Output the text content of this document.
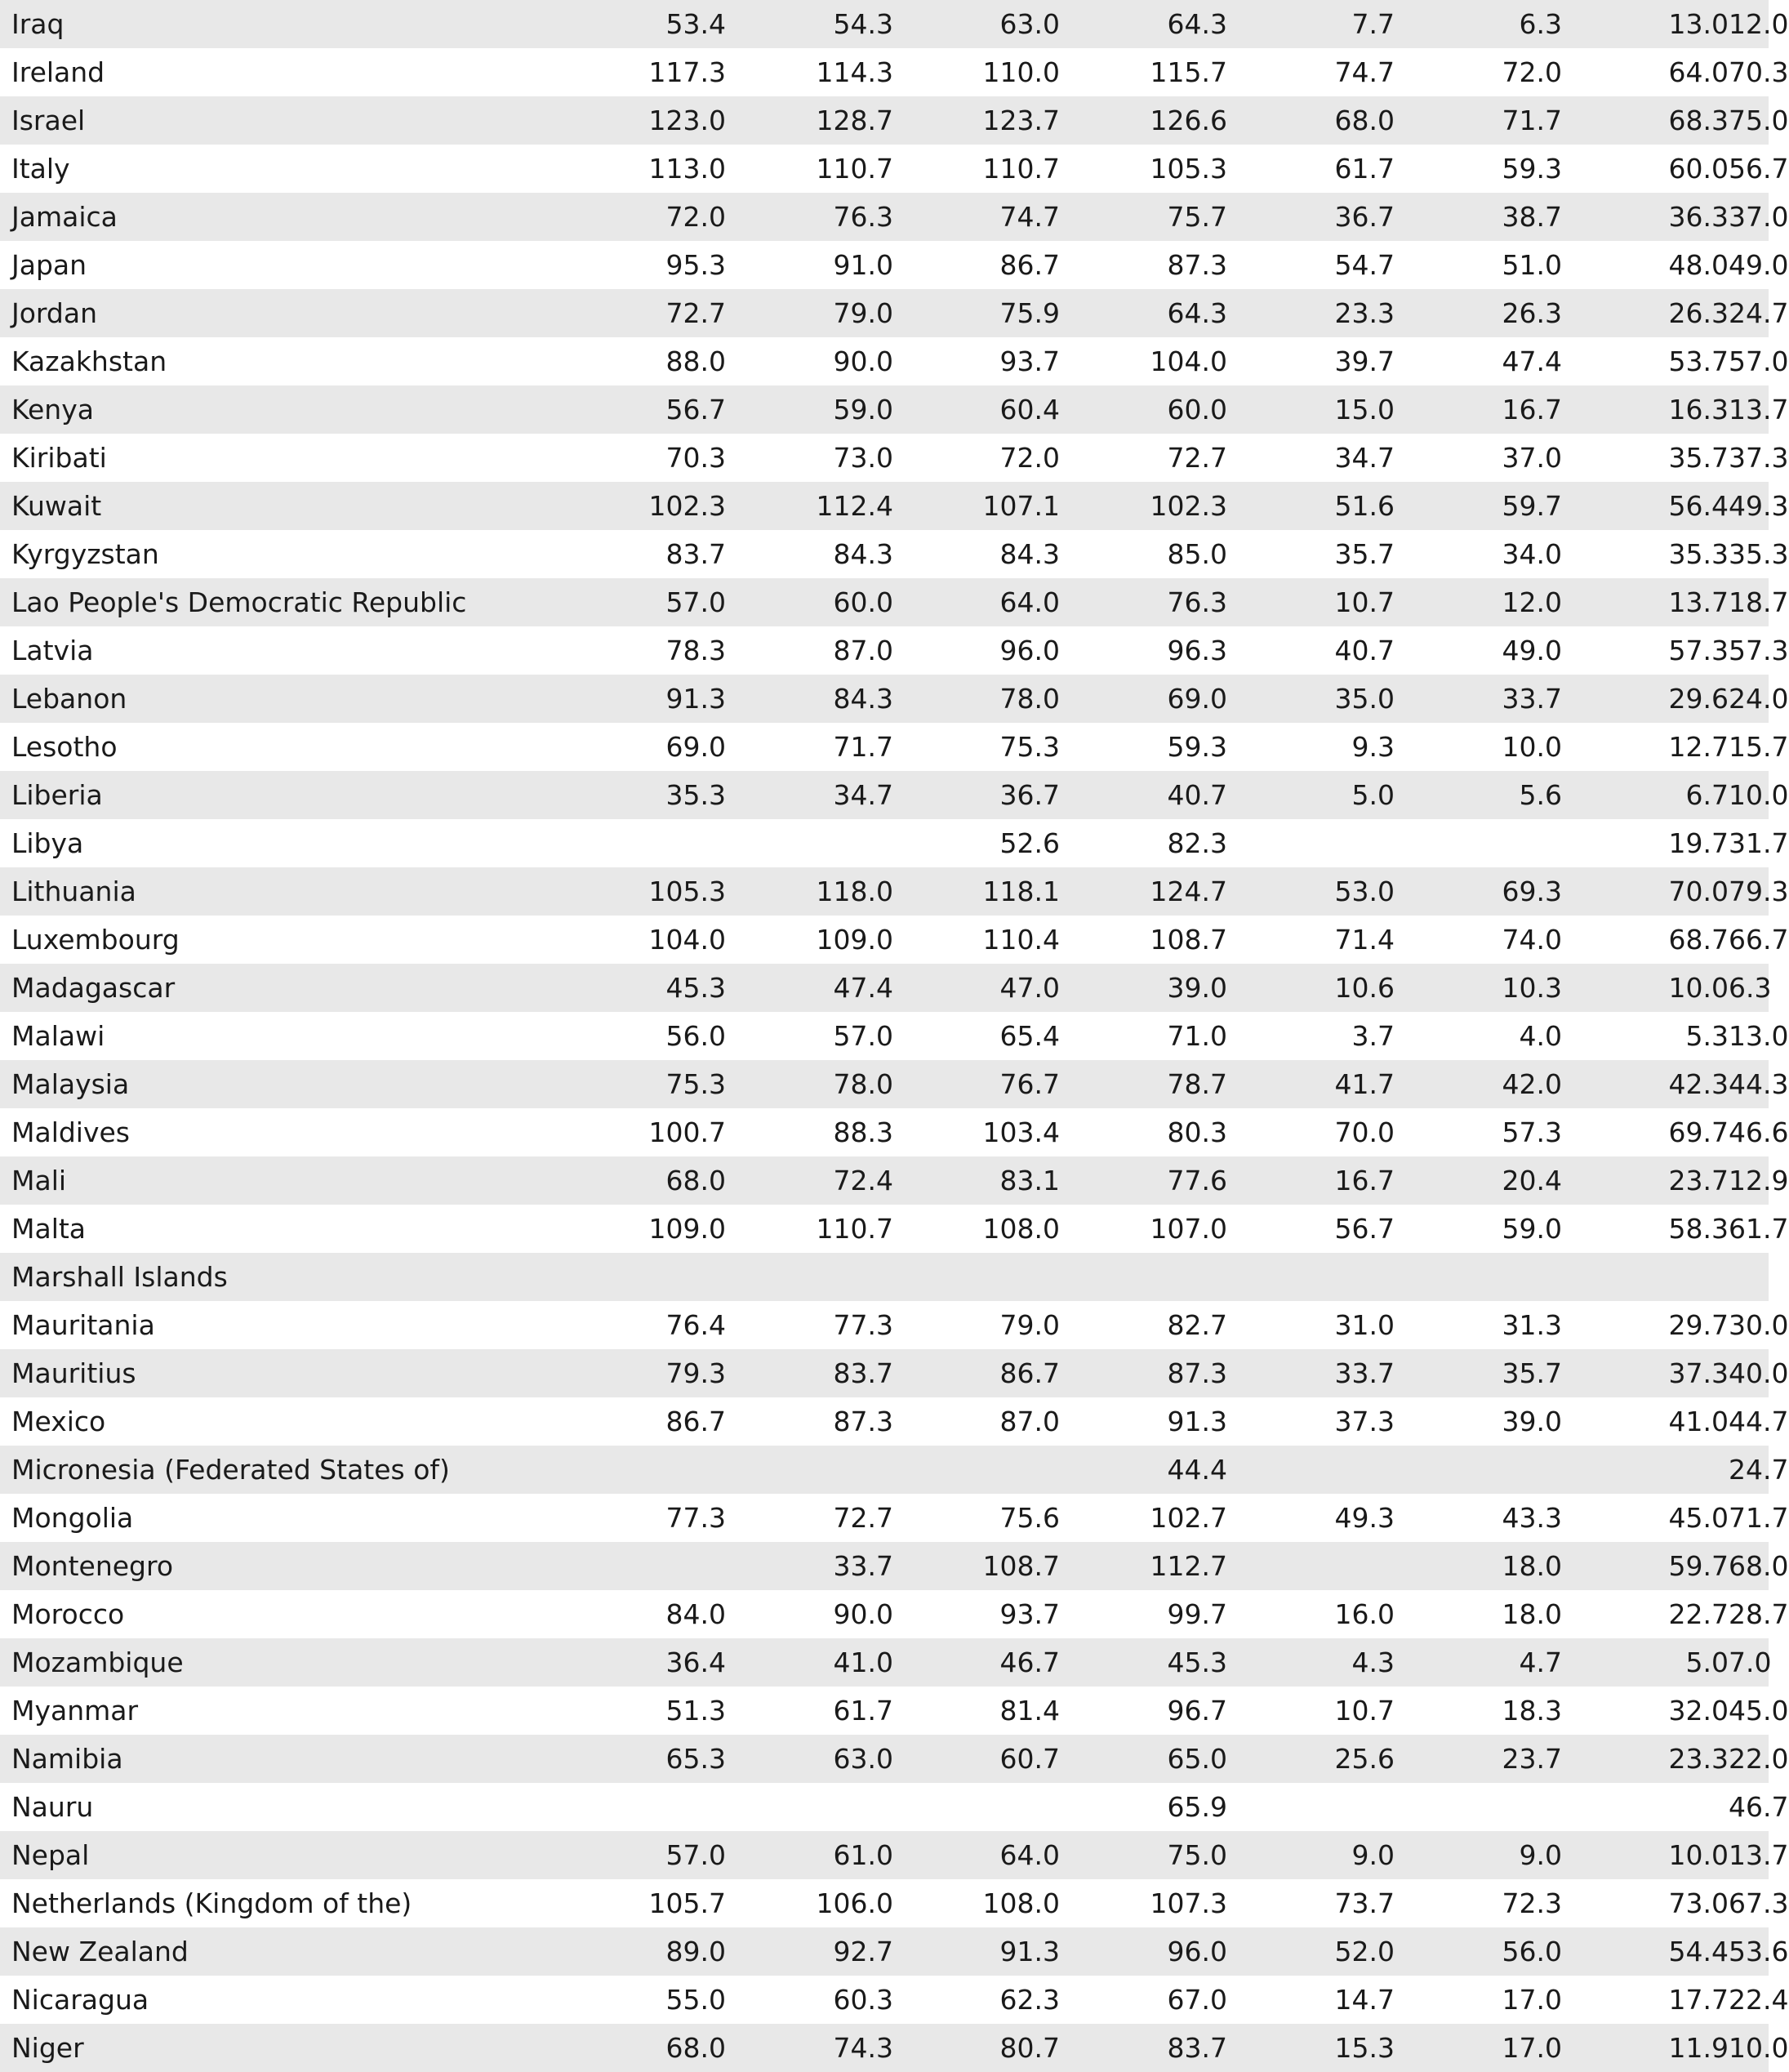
Iraq	53.4	54.3	63.0	64.3	7.7	6.3	13.0	12.0	
Ireland	117.3	114.3	110.0	115.7	74.7	72.0	64.0	70.3	
Israel	123.0	128.7	123.7	126.6	68.0	71.7	68.3	75.0	
Italy	113.0	110.7	110.7	105.3	61.7	59.3	60.0	56.7	
Jamaica	72.0	76.3	74.7	75.7	36.7	38.7	36.3	37.0	
Japan	95.3	91.0	86.7	87.3	54.7	51.0	48.0	49.0	
Jordan	72.7	79.0	75.9	64.3	23.3	26.3	26.3	24.7	
Kazakhstan	88.0	90.0	93.7	104.0	39.7	47.4	53.7	57.0	
Kenya	56.7	59.0	60.4	60.0	15.0	16.7	16.3	13.7	
Kiribati	70.3	73.0	72.0	72.7	34.7	37.0	35.7	37.3	
Kuwait	102.3	112.4	107.1	102.3	51.6	59.7	56.4	49.3	
Kyrgyzstan	83.7	84.3	84.3	85.0	35.7	34.0	35.3	35.3	
Lao People's Democratic Republic	57.0	60.0	64.0	76.3	10.7	12.0	13.7	18.7	
Latvia	78.3	87.0	96.0	96.3	40.7	49.0	57.3	57.3	
Lebanon	91.3	84.3	78.0	69.0	35.0	33.7	29.6	24.0	
Lesotho	69.0	71.7	75.3	59.3	9.3	10.0	12.7	15.7	
Liberia	35.3	34.7	36.7	40.7	5.0	5.6	6.7	10.0	
Libya			52.6	82.3			19.7	31.7	
Lithuania	105.3	118.0	118.1	124.7	53.0	69.3	70.0	79.3	
Luxembourg	104.0	109.0	110.4	108.7	71.4	74.0	68.7	66.7	
Madagascar	45.3	47.4	47.0	39.0	10.6	10.3	10.0	6.3	
Malawi	56.0	57.0	65.4	71.0	3.7	4.0	5.3	13.0	
Malaysia	75.3	78.0	76.7	78.7	41.7	42.0	42.3	44.3	
Maldives	100.7	88.3	103.4	80.3	70.0	57.3	69.7	46.6	
Mali	68.0	72.4	83.1	77.6	16.7	20.4	23.7	12.9	
Malta	109.0	110.7	108.0	107.0	56.7	59.0	58.3	61.7	
Marshall Islands									
Mauritania	76.4	77.3	79.0	82.7	31.0	31.3	29.7	30.0	
Mauritius	79.3	83.7	86.7	87.3	33.7	35.7	37.3	40.0	
Mexico	86.7	87.3	87.0	91.3	37.3	39.0	41.0	44.7	
Micronesia (Federated States of)				44.4				24.7	
Mongolia	77.3	72.7	75.6	102.7	49.3	43.3	45.0	71.7	
Montenegro		33.7	108.7	112.7		18.0	59.7	68.0	
Morocco	84.0	90.0	93.7	99.7	16.0	18.0	22.7	28.7	
Mozambique	36.4	41.0	46.7	45.3	4.3	4.7	5.0	7.0	
Myanmar	51.3	61.7	81.4	96.7	10.7	18.3	32.0	45.0	
Namibia	65.3	63.0	60.7	65.0	25.6	23.7	23.3	22.0	
Nauru				65.9				46.7	
Nepal	57.0	61.0	64.0	75.0	9.0	9.0	10.0	13.7	
Netherlands (Kingdom of the)	105.7	106.0	108.0	107.3	73.7	72.3	73.0	67.3	
New Zealand	89.0	92.7	91.3	96.0	52.0	56.0	54.4	53.6	
Nicaragua	55.0	60.3	62.3	67.0	14.7	17.0	17.7	22.4	
Niger	68.0	74.3	80.7	83.7	15.3	17.0	11.9	10.0	
